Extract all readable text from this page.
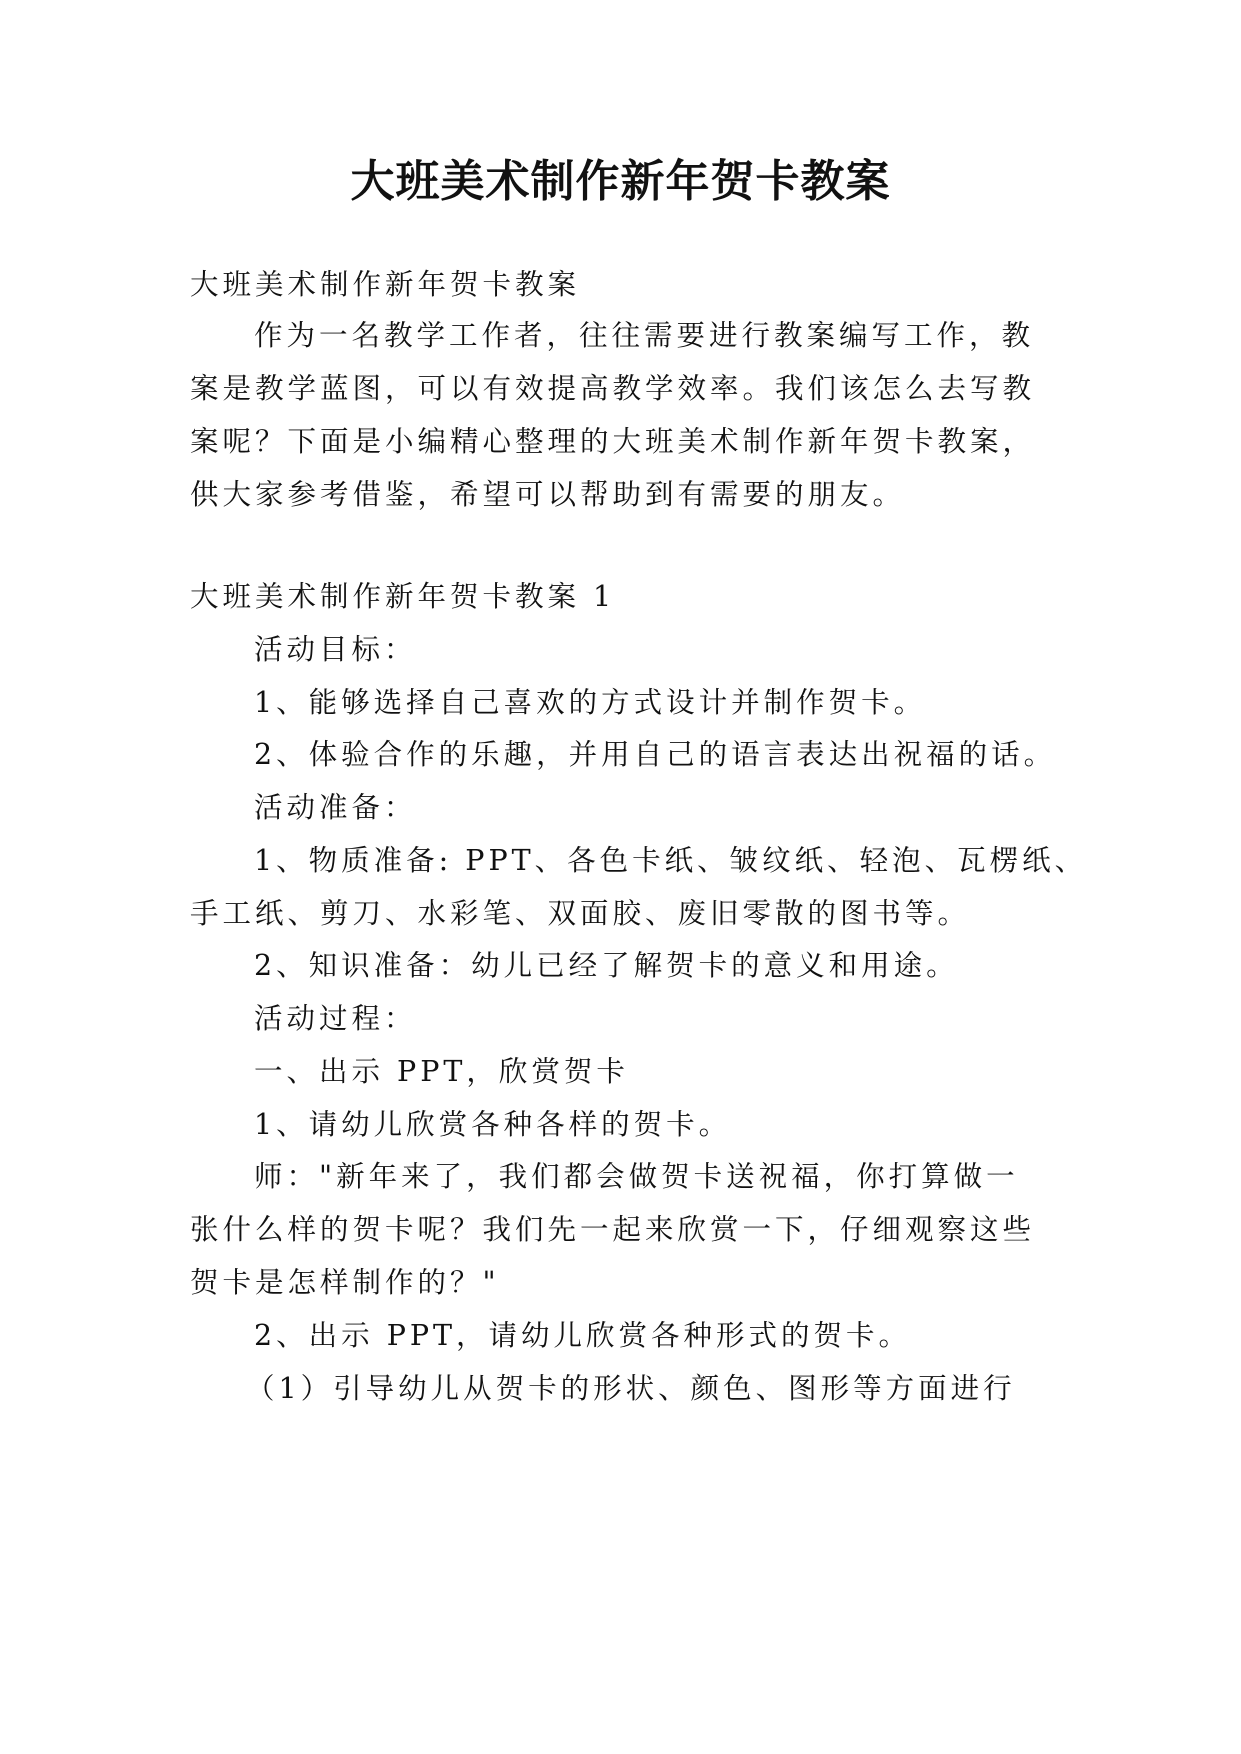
大班美术制作新年贺卡教案

大班美术制作新年贺卡教案

作为一名教学工作者，往往需要进行教案编写工作，教

案是教学蓝图，可以有效提高教学效率。我们该怎么去写教

案呢？下面是小编精心整理的大班美术制作新年贺卡教案，

供大家参考借鉴，希望可以帮助到有需要的朋友。

大班美术制作新年贺卡教案 1

活动目标：

1、能够选择自己喜欢的方式设计并制作贺卡。

2、体验合作的乐趣，并用自己的语言表达出祝福的话。

活动准备：

1、物质准备: PPT、各色卡纸、皱纹纸、轻泡、瓦楞纸、

手工纸、剪刀、水彩笔、双面胶、废旧零散的图书等。

2、知识准备：幼儿已经了解贺卡的意义和用途。

活动过程：

一、出示 PPT，欣赏贺卡

1、请幼儿欣赏各种各样的贺卡。

师："新年来了，我们都会做贺卡送祝福，你打算做一

张什么样的贺卡呢？我们先一起来欣赏一下，仔细观察这些

贺卡是怎样制作的？"

2、出示 PPT，请幼儿欣赏各种形式的贺卡。

（1）引导幼儿从贺卡的形状、颜色、图形等方面进行
